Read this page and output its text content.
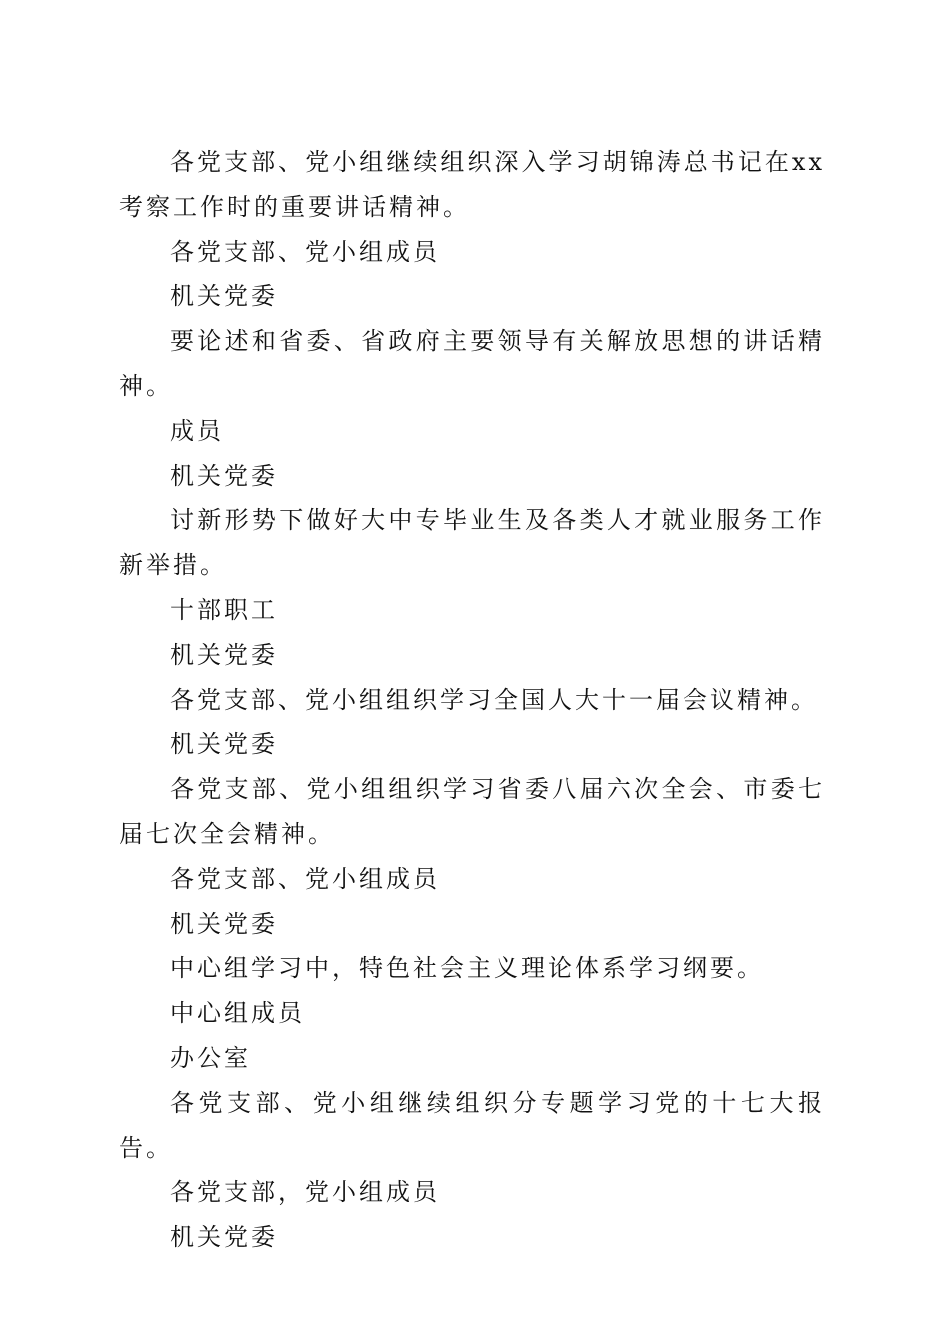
各党支部、党小组继续组织深入学习胡锦涛总书记在xx考察工作时的重要讲话精神。

各党支部、党小组成员

机关党委

要论述和省委、省政府主要领导有关解放思想的讲话精神。

成员

机关党委

讨新形势下做好大中专毕业生及各类人才就业服务工作新举措。

十部职工

机关党委

各党支部、党小组组织学习全国人大十一届会议精神。

机关党委

各党支部、党小组组织学习省委八届六次全会、市委七届七次全会精神。

各党支部、党小组成员

机关党委

中心组学习中，特色社会主义理论体系学习纲要。

中心组成员

办公室

各党支部、党小组继续组织分专题学习党的十七大报告。

各党支部，党小组成员

机关党委
